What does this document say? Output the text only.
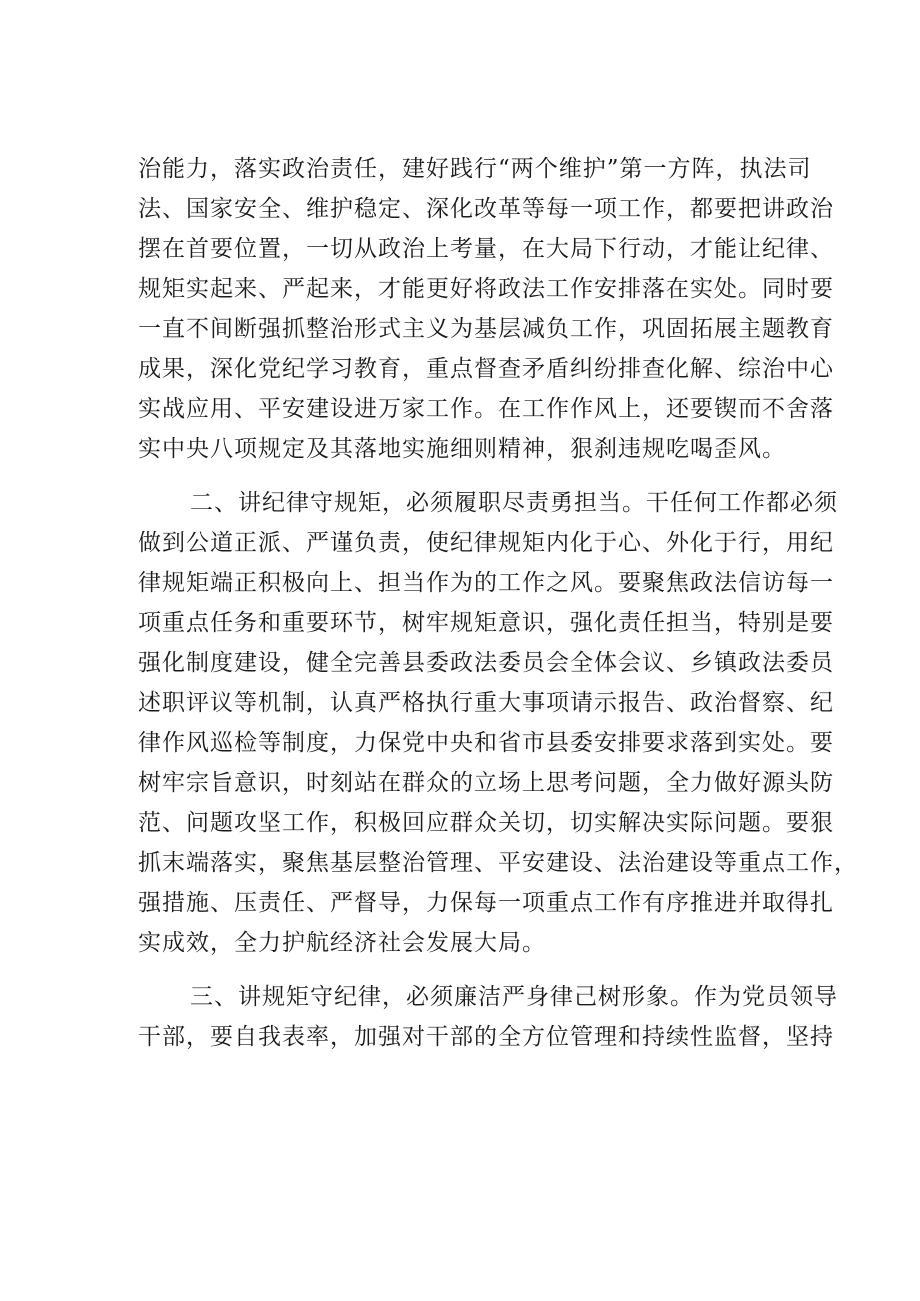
治能力，落实政治责任，建好践行“两个维护”第一方阵，执法司
法、国家安全、维护稳定、深化改革等每一项工作，都要把讲政治
摆在首要位置，一切从政治上考量，在大局下行动，才能让纪律、
规矩实起来、严起来，才能更好将政法工作安排落在实处。同时要
一直不间断强抓整治形式主义为基层减负工作，巩固拓展主题教育
成果，深化党纪学习教育，重点督查矛盾纠纷排查化解、综治中心
实战应用、平安建设进万家工作。在工作作风上，还要锲而不舍落
实中央八项规定及其落地实施细则精神，狠刹违规吃喝歪风。
二、讲纪律守规矩，必须履职尽责勇担当。干任何工作都必须
做到公道正派、严谨负责，使纪律规矩内化于心、外化于行，用纪
律规矩端正积极向上、担当作为的工作之风。要聚焦政法信访每一
项重点任务和重要环节，树牢规矩意识，强化责任担当，特别是要
强化制度建设，健全完善县委政法委员会全体会议、乡镇政法委员
述职评议等机制，认真严格执行重大事项请示报告、政治督察、纪
律作风巡检等制度，力保党中央和省市县委安排要求落到实处。要
树牢宗旨意识，时刻站在群众的立场上思考问题，全力做好源头防
范、问题攻坚工作，积极回应群众关切，切实解决实际问题。要狠
抓末端落实，聚焦基层整治管理、平安建设、法治建设等重点工作，
强措施、压责任、严督导，力保每一项重点工作有序推进并取得扎
实成效，全力护航经济社会发展大局。
三、讲规矩守纪律，必须廉洁严身律己树形象。作为党员领导
干部，要自我表率，加强对干部的全方位管理和持续性监督，坚持
